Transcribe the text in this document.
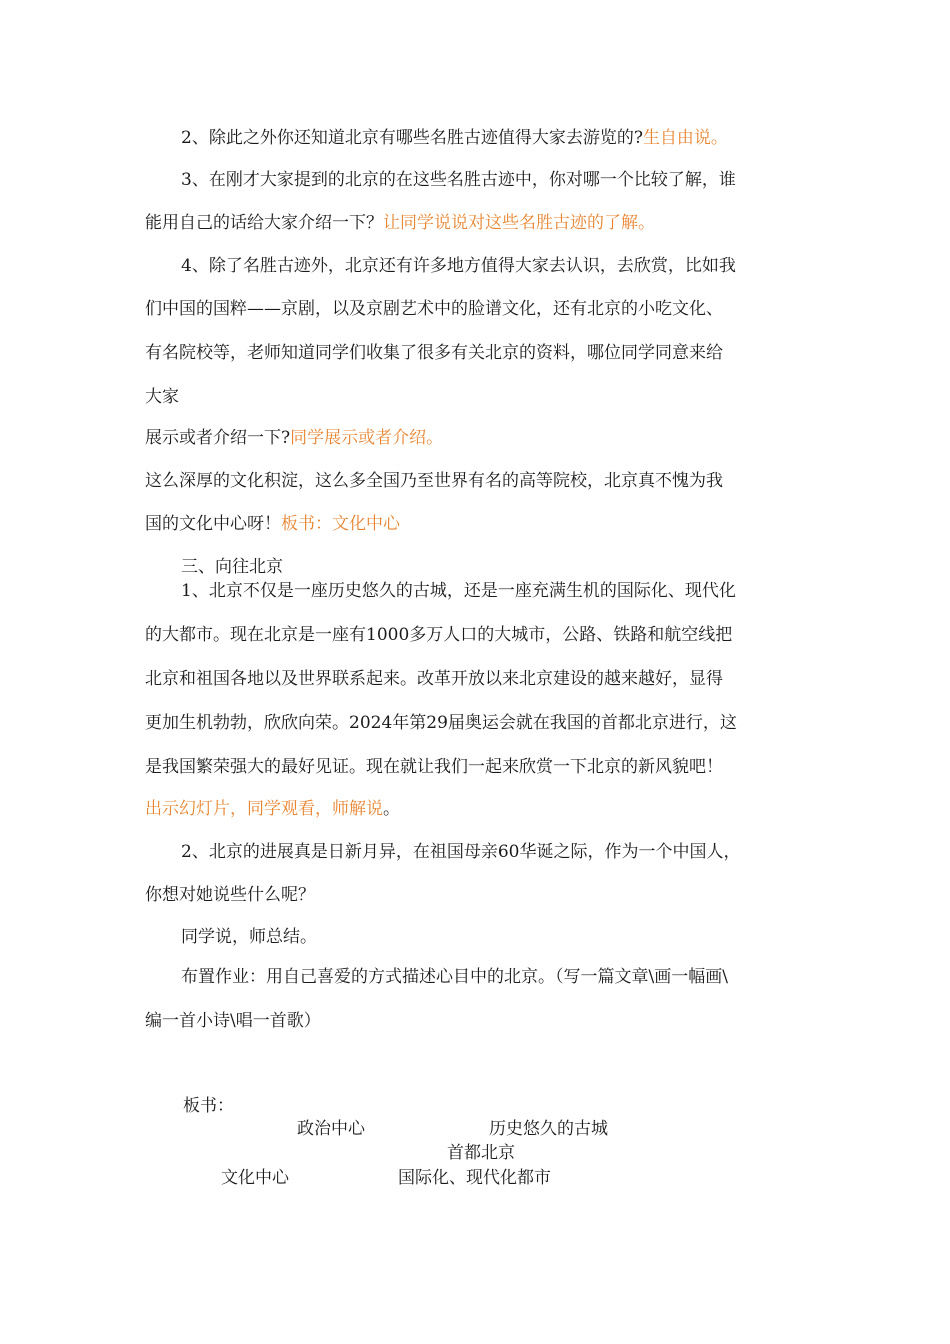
2、除此之外你还知道北京有哪些名胜古迹值得大家去游览的?生自由说。
3、在刚才大家提到的北京的在这些名胜古迹中，你对哪一个比较了解，谁
能用自己的话给大家介绍一下？让同学说说对这些名胜古迹的了解。
4、除了名胜古迹外，北京还有许多地方值得大家去认识，去欣赏，比如我
们中国的国粹——京剧，以及京剧艺术中的脸谱文化，还有北京的小吃文化、
有名院校等，老师知道同学们收集了很多有关北京的资料，哪位同学同意来给
大家
展示或者介绍一下?同学展示或者介绍。
这么深厚的文化积淀，这么多全国乃至世界有名的高等院校，北京真不愧为我
国的文化中心呀！板书：文化中心
三、向往北京
1、北京不仅是一座历史悠久的古城，还是一座充满生机的国际化、现代化
的大都市。现在北京是一座有1000多万人口的大城市，公路、铁路和航空线把
北京和祖国各地以及世界联系起来。改革开放以来北京建设的越来越好，显得
更加生机勃勃，欣欣向荣。2024年第29届奥运会就在我国的首都北京进行，这
是我国繁荣强大的最好见证。现在就让我们一起来欣赏一下北京的新风貌吧！
出示幻灯片，同学观看，师解说。
2、北京的进展真是日新月异，在祖国母亲60华诞之际，作为一个中国人，
你想对她说些什么呢？
同学说，师总结。
布置作业：用自己喜爱的方式描述心目中的北京。（写一篇文章\画一幅画\
编一首小诗\唱一首歌）
板书：
政治中心	历史悠久的古城
首都北京
文化中心	国际化、现代化都市
